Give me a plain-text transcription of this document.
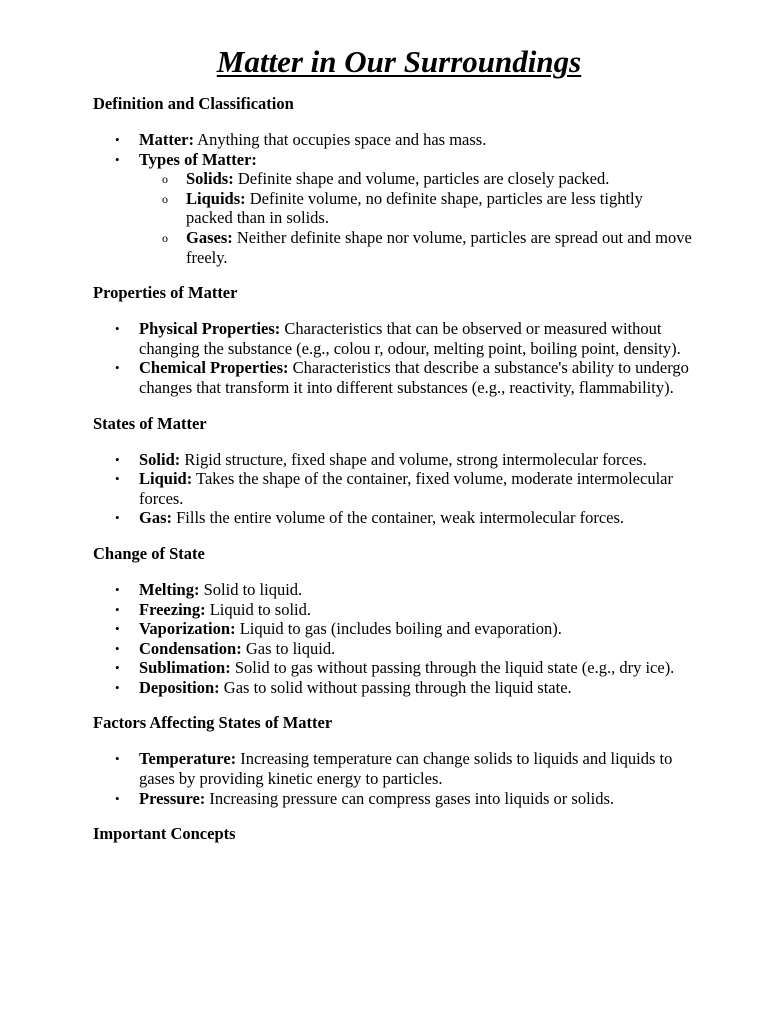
Matter in Our Surroundings
Definition and Classification
• Matter: Anything that occupies space and has mass.
• Types of Matter:
o Solids: Definite shape and volume, particles are closely packed.
o Liquids: Definite volume, no definite shape, particles are less tightly packed than in solids.
o Gases: Neither definite shape nor volume, particles are spread out and move freely.
Properties of Matter
• Physical Properties: Characteristics that can be observed or measured without changing the substance (e.g., colou r, odour, melting point, boiling point, density).
• Chemical Properties: Characteristics that describe a substance's ability to undergo changes that transform it into different substances (e.g., reactivity, flammability).
States of Matter
• Solid: Rigid structure, fixed shape and volume, strong intermolecular forces.
• Liquid: Takes the shape of the container, fixed volume, moderate intermolecular forces.
• Gas: Fills the entire volume of the container, weak intermolecular forces.
Change of State
• Melting: Solid to liquid.
• Freezing: Liquid to solid.
• Vaporization: Liquid to gas (includes boiling and evaporation).
• Condensation: Gas to liquid.
• Sublimation: Solid to gas without passing through the liquid state (e.g., dry ice).
• Deposition: Gas to solid without passing through the liquid state.
Factors Affecting States of Matter
• Temperature: Increasing temperature can change solids to liquids and liquids to gases by providing kinetic energy to particles.
• Pressure: Increasing pressure can compress gases into liquids or solids.
Important Concepts
